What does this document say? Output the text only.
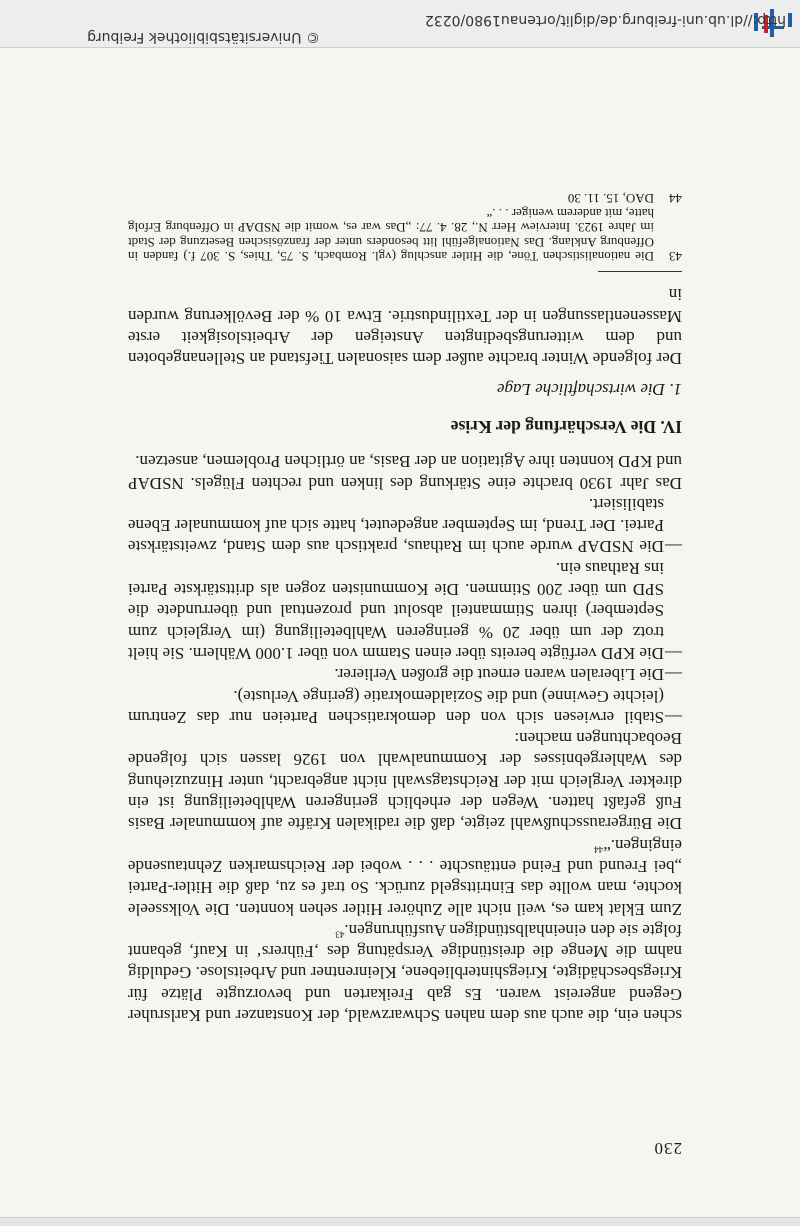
230

schen ein, die auch aus dem nahen Schwarzwald, der Konstanzer und Karlsruher Gegend angereist waren. Es gab Freikarten und bevorzugte Plätze für Kriegsbeschädigte, Kriegshinterbliebene, Kleinrentner und Arbeitslose. Geduldig nahm die Menge die dreistündige Verspätung des ‚Führers‘ in Kauf, gebannt folgte sie den eineinhalbstündigen Ausführungen.$^{43}$

Zum Eklat kam es, weil nicht alle Zuhörer Hitler sehen konnten. Die Volksseele kochte, man wollte das Eintrittsgeld zurück. So traf es zu, daß die Hitler-Partei „bei Freund und Feind enttäuschte . . . wobei der Reichsmarken Zehntausende eingingen.“$^{44}$

Die Bürgerausschußwahl zeigte, daß die radikalen Kräfte auf kommunaler Basis Fuß gefaßt hatten. Wegen der erheblich geringeren Wahlbeteiligung ist ein direkter Vergleich mit der Reichstagswahl nicht angebracht, unter Hinzuziehung des Wahlergebnisses der Kommunalwahl von 1926 lassen sich folgende Beobachtungen machen:

—
Stabil erwiesen sich von den demokratischen Parteien nur das Zentrum (leichte Gewinne) und die Sozialdemokratie (geringe Verluste).
—
Die Liberalen waren erneut die großen Verlierer.
—
Die KPD verfügte bereits über einen Stamm von über 1.000 Wählern. Sie hielt trotz der um über 20 % geringeren Wahlbeteiligung (im Vergleich zum September) ihren Stimmanteil absolut und prozentual und überrundete die SPD um über 200 Stimmen. Die Kommunisten zogen als drittstärkste Partei ins Rathaus ein.
—
Die NSDAP wurde auch im Rathaus, praktisch aus dem Stand, zweitstärkste Partei. Der Trend, im September angedeutet, hatte sich auf kommunaler Ebene stabilisiert.

Das Jahr 1930 brachte eine Stärkung des linken und rechten Flügels. NSDAP und KPD konnten ihre Agitation an der Basis, an örtlichen Problemen, ansetzen.

IV. Die Verschärfung der Krise
1. Die wirtschaftliche Lage

Der folgende Winter brachte außer dem saisonalen Tiefstand an Stellenangeboten und dem witterungsbedingten Ansteigen der Arbeitslosigkeit erste Massenentlassungen in der Textilindustrie. Etwa 10 % der Bevölkerung wurden in

43
Die nationalistischen Töne, die Hitler anschlug (vgl. Rombach, S. 75, Thies, S. 307 f.) fanden in Offenburg Anklang. Das Nationalgefühl litt besonders unter der französischen Besetzung der Stadt im Jahre 1923. Interview Herr N., 28. 4. 77: „Das war es, womit die NSDAP in Offenburg Erfolg hatte, mit anderem weniger . . .“
44
DAO, 15. 11. 30
http://dl.ub.uni-freiburg.de/diglit/ortenau1980/0232
© Universitätsbibliothek Freiburg
